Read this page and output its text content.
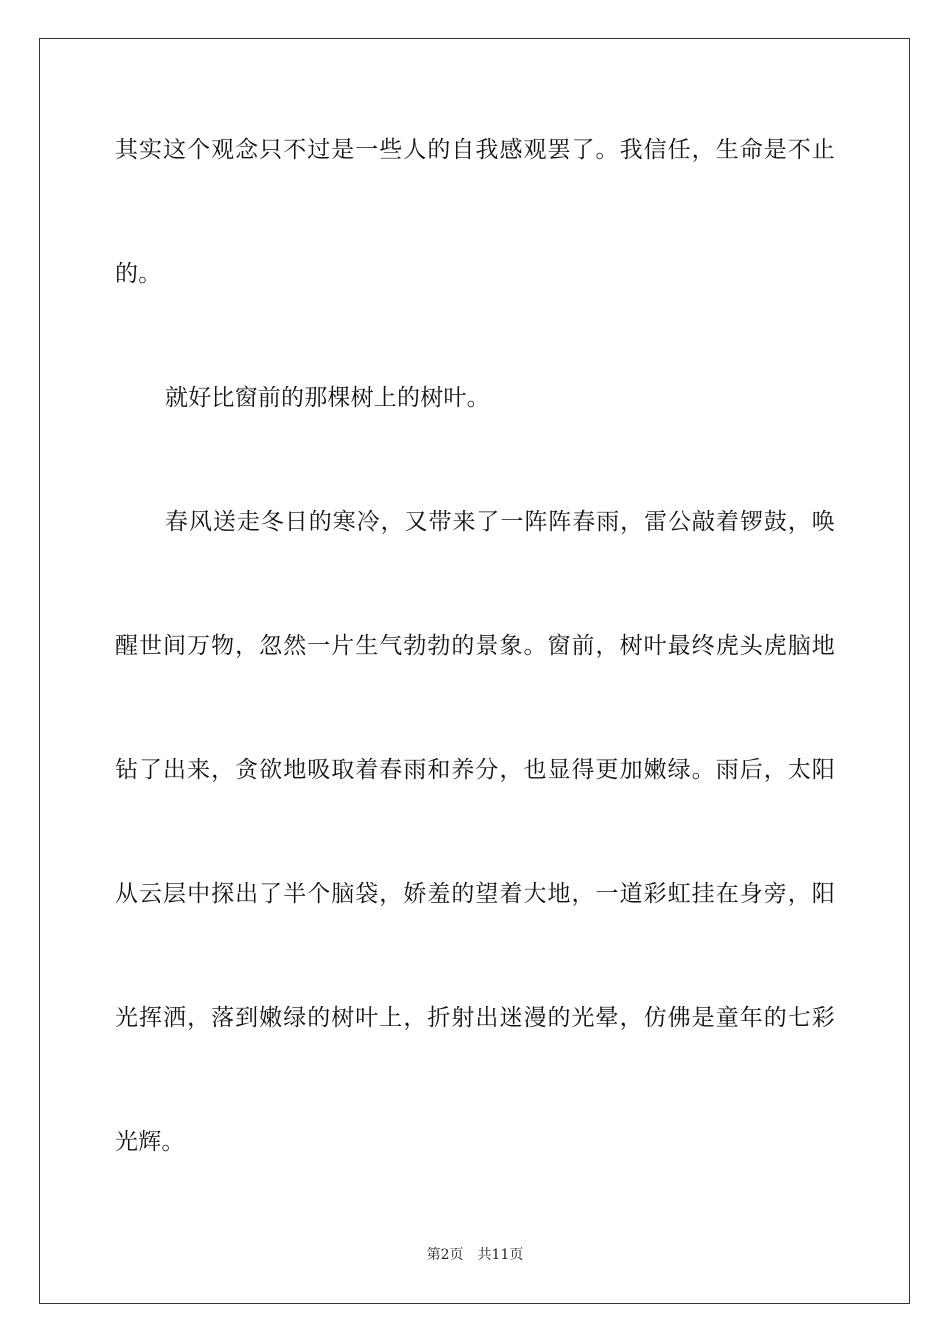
其实这个观念只不过是一些人的自我感观罢了。我信任，生命是不止
的。
就好比窗前的那棵树上的树叶。
春风送走冬日的寒冷，又带来了一阵阵春雨，雷公敲着锣鼓，唤
醒世间万物，忽然一片生气勃勃的景象。窗前，树叶最终虎头虎脑地
钻了出来，贪欲地吸取着春雨和养分，也显得更加嫩绿。雨后，太阳
从云层中探出了半个脑袋，娇羞的望着大地，一道彩虹挂在身旁，阳
光挥洒，落到嫩绿的树叶上，折射出迷漫的光晕，仿佛是童年的七彩
光辉。
第2页 共11页
